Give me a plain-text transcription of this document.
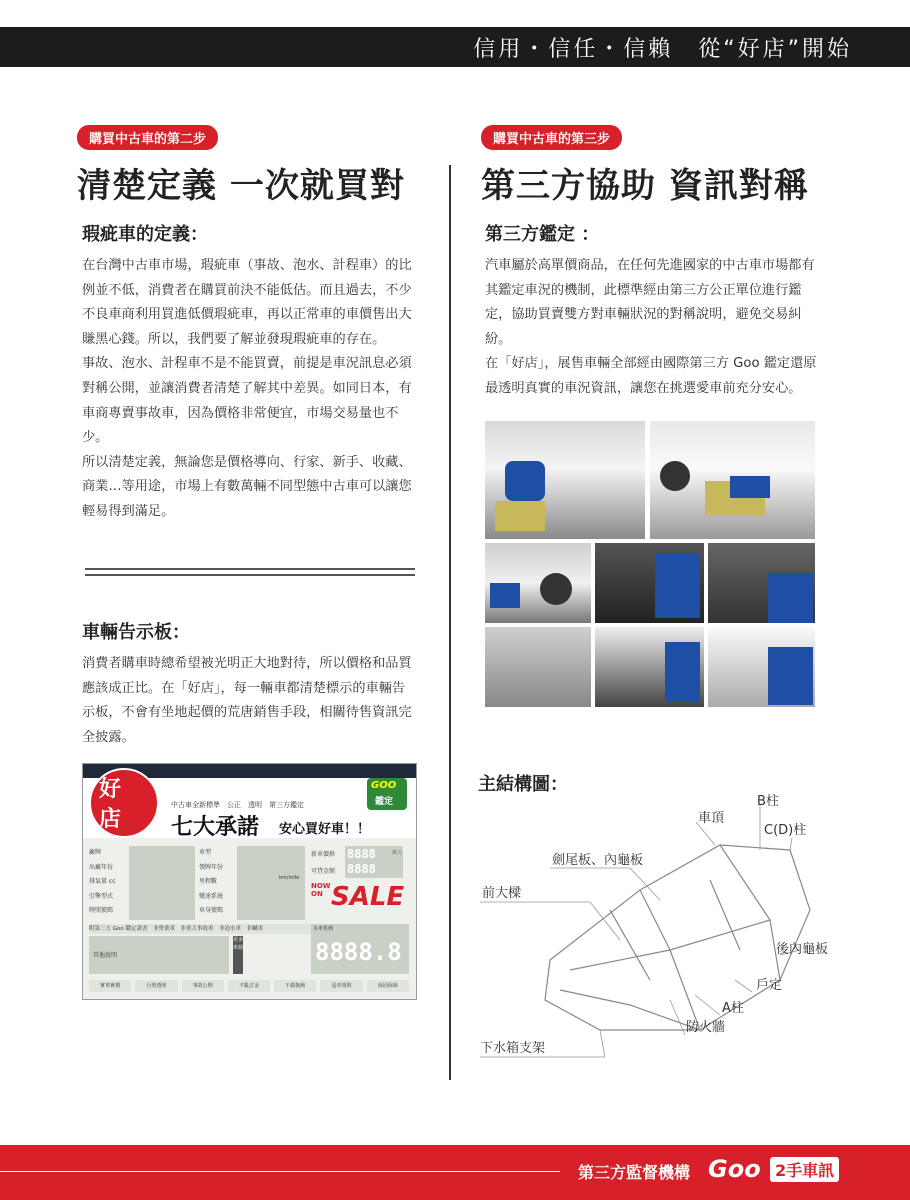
信用・信任・信賴　從“好店”開始
購買中古車的第二步
清楚定義 一次就買對
瑕疵車的定義：

在台灣中古車市場，瑕疵車（事故、泡水、計程車）的比例並不低，消費者在購買前決不能低估。而且過去，不少不良車商利用買進低價瑕疵車，再以正常車的車價售出大賺黑心錢。所以，我們要了解並發現瑕疵車的存在。

事故、泡水、計程車不是不能買賣，前提是車況訊息必須對稱公開，並讓消費者清楚了解其中差異。如同日本，有車商專賣事故車，因為價格非常便宜，市場交易量也不少。

所以清楚定義，無論您是價格導向、行家、新手、收藏、商業…等用途，市場上有數萬輛不同型態中古車可以讓您輕易得到滿足。

車輛告示板：

消費者購車時總希望被光明正大地對待，所以價格和品質應該成正比。在「好店」，每一輛車都清楚標示的車輛告示板，不會有坐地起價的荒唐銷售手段，相關待售資訊完全披露。

好
店
中古車全新標準　公正　透明　第三方鑑定
七大承諾 安心買好車！！
GOO
鑑定
廠牌
出廠年份
排氣量 cc
引擎型式
牌照號碼
車型
領牌年份
里程數
變速系統
車身號碼
km/mile
新車價格
可貸金額
8888
8888
萬元
NOW ON SALE
附第三方 Goo 鑑定證書　非營業車　非重大事故車　非泡水車　非贓車
其他說明
更多車源
本車售價
8888.8
實車實價	行照透明	事故公開	不亂訂金	不做拖鉤	退車規則	保固保障
購買中古車的第三步
第三方協助 資訊對稱
第三方鑑定 ：

汽車屬於高單價商品，在任何先進國家的中古車市場都有其鑑定車況的機制，此標準經由第三方公正單位進行鑑定，協助買賣雙方對車輛狀況的對稱說明，避免交易糾紛。

在「好店」，展售車輛全部經由國際第三方 Goo 鑑定還原最透明真實的車況資訊，讓您在挑選愛車前充分安心。

主結構圖：
B柱
車頂
C(D)柱
劍尾板、內龜板
前大樑
後內龜板
戶定
A柱
防火牆
下水箱支架
第三方監督機構 Goo 2手車訊
